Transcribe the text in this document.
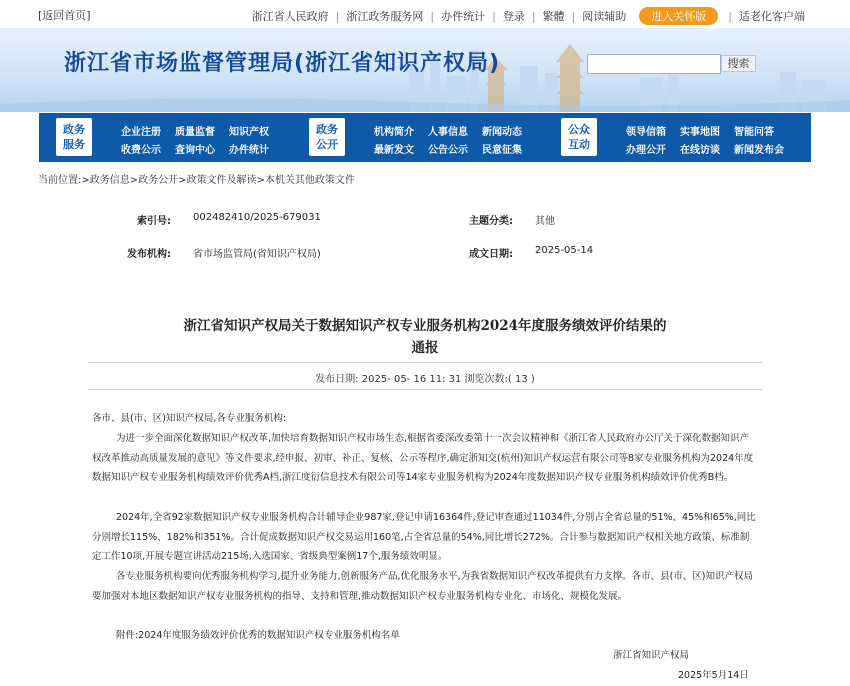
[返回首页]	浙江省人民政府 | 浙江政务服务网 | 办件统计 | 登录 | 繁體 | 阅读辅助	进入关怀版	| 适老化客户端
浙江省市场监督管理局(浙江省知识产权局)	搜索
政务
服务
企业注册 质量监督 知识产权
收费公示 查询中心 办件统计
政务
公开
机构简介 人事信息 新闻动态
最新发文 公告公示 民意征集
公众
互动
领导信箱 实事地图 智能问答
办理公开 在线访谈 新闻发布会
当前位置:>政务信息>政务公开>政策文件及解读>本机关其他政策文件
索引号: 002482410/2025-679031	主题分类: 其他
发布机构: 省市场监管局(省知识产权局)	成文日期: 2025-05-14
浙江省知识产权局关于数据知识产权专业服务机构2024年度服务绩效评价结果的
通报
发布日期: 2025- 05- 16 11: 31 浏览次数:( 13 )
各市、县(市、区)知识产权局,各专业服务机构:
为进一步全面深化数据知识产权改革,加快培育数据知识产权市场生态,根据省委深改委第十一次会议精神和《浙江省人民政府办公厅关于深化数据知识产权改革推动高质量发展的意见》等文件要求,经申报、初审、补正、复核、公示等程序,确定浙知交(杭州)知识产权运营有限公司等8家专业服务机构为2024年度数据知识产权专业服务机构绩效评价优秀A档,浙江度衍信息技术有限公司等14家专业服务机构为2024年度数据知识产权专业服务机构绩效评价优秀B档。
2024年,全省92家数据知识产权专业服务机构合计辅导企业987家,登记申请16364件,登记审查通过11034件,分别占全省总量的51%、45%和65%,同比分别增长115%、182%和351%。合计促成数据知识产权交易运用160笔,占全省总量的54%,同比增长272%。合计参与数据知识产权相关地方政策、标准制定工作10项,开展专题宣讲活动215场,入选国家、省级典型案例17个,服务绩效明显。
各专业服务机构要向优秀服务机构学习,提升业务能力,创新服务产品,优化服务水平,为我省数据知识产权改革提供有力支撑。各市、县(市、区)知识产权局要加强对本地区数据知识产权专业服务机构的指导、支持和管理,推动数据知识产权专业服务机构专业化、市场化、规模化发展。
附件:2024年度服务绩效评价优秀的数据知识产权专业服务机构名单
浙江省知识产权局
2025年5月14日
